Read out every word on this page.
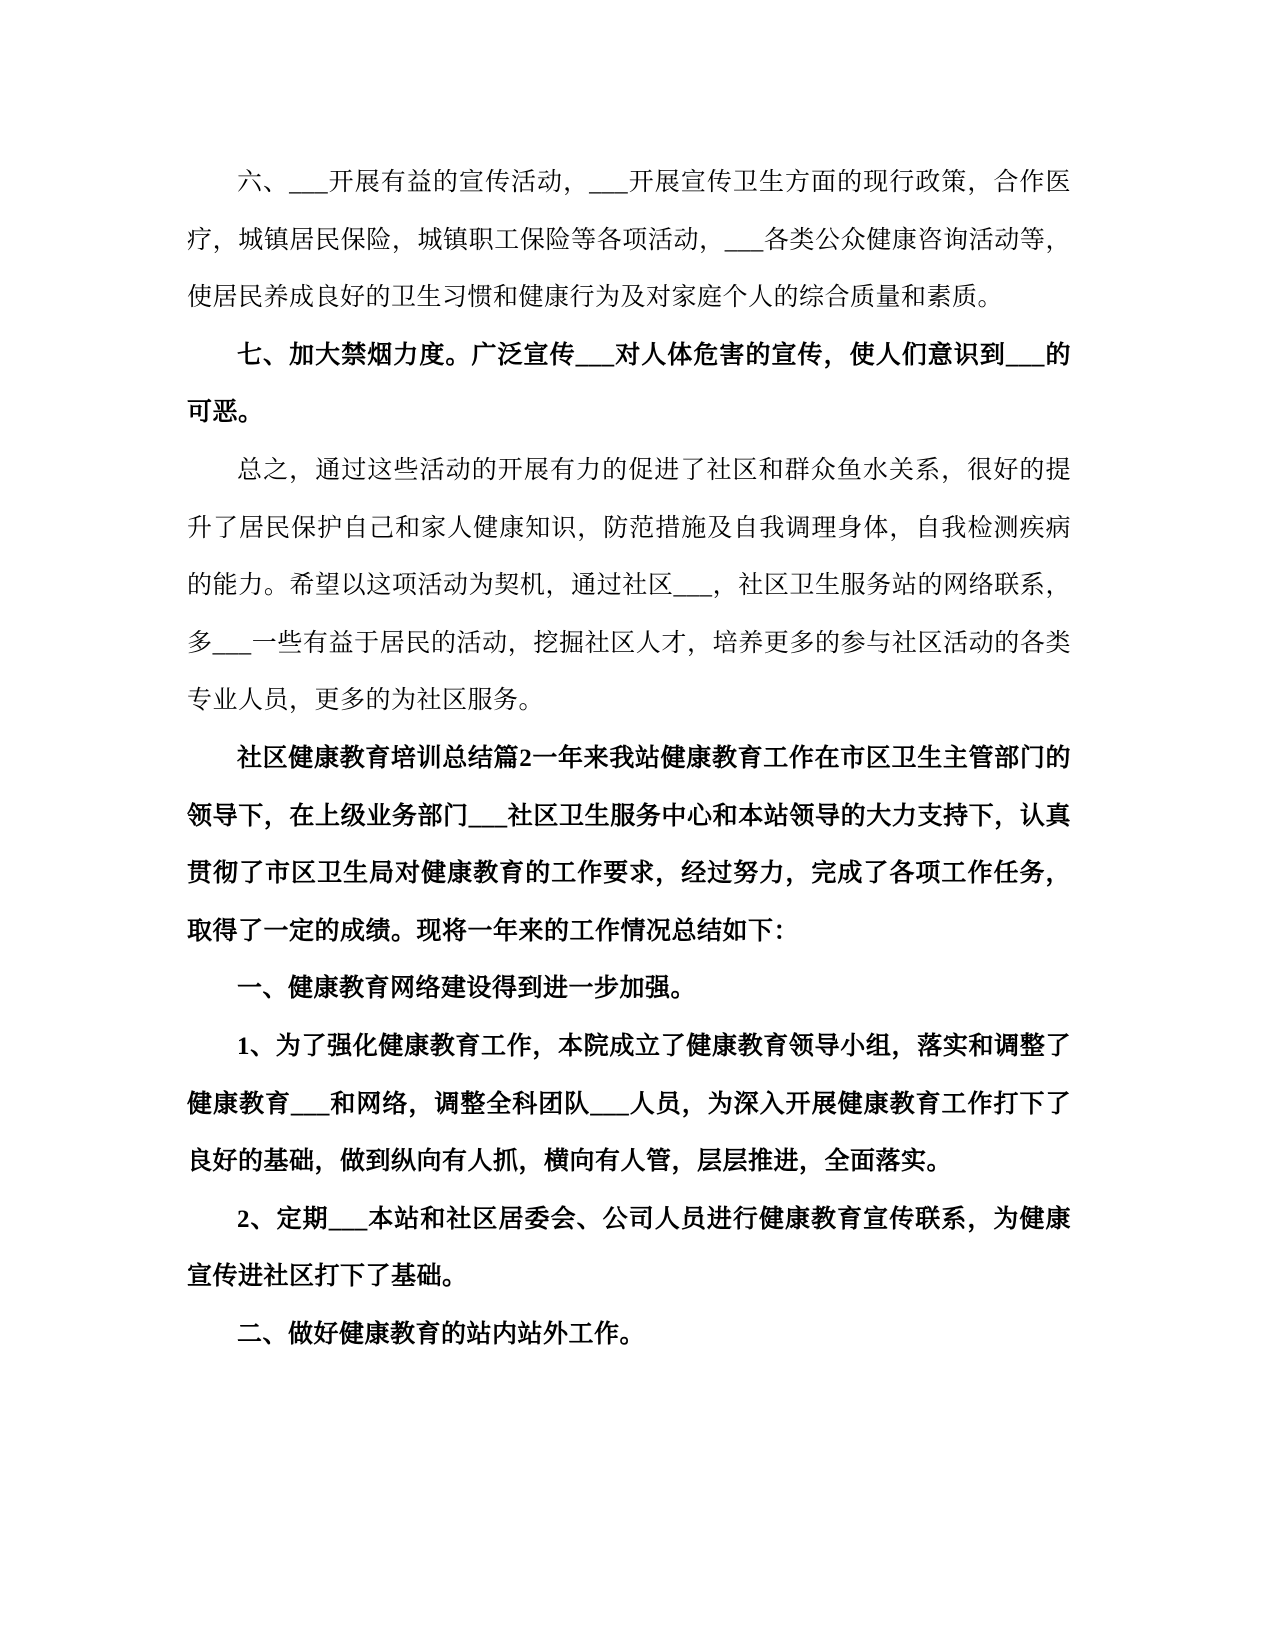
六、___开展有益的宣传活动，___开展宣传卫生方面的现行政策，合作医疗，城镇居民保险，城镇职工保险等各项活动，___各类公众健康咨询活动等，使居民养成良好的卫生习惯和健康行为及对家庭个人的综合质量和素质。

七、加大禁烟力度。广泛宣传___对人体危害的宣传，使人们意识到___的可恶。

总之，通过这些活动的开展有力的促进了社区和群众鱼水关系，很好的提升了居民保护自己和家人健康知识，防范措施及自我调理身体，自我检测疾病的能力。希望以这项活动为契机，通过社区___，社区卫生服务站的网络联系，多___一些有益于居民的活动，挖掘社区人才，培养更多的参与社区活动的各类专业人员，更多的为社区服务。

社区健康教育培训总结篇2一年来我站健康教育工作在市区卫生主管部门的领导下，在上级业务部门___社区卫生服务中心和本站领导的大力支持下，认真贯彻了市区卫生局对健康教育的工作要求，经过努力，完成了各项工作任务，取得了一定的成绩。现将一年来的工作情况总结如下：

一、健康教育网络建设得到进一步加强。

1、为了强化健康教育工作，本院成立了健康教育领导小组，落实和调整了健康教育___和网络，调整全科团队___人员，为深入开展健康教育工作打下了良好的基础，做到纵向有人抓，横向有人管，层层推进，全面落实。

2、定期___本站和社区居委会、公司人员进行健康教育宣传联系，为健康宣传进社区打下了基础。

二、做好健康教育的站内站外工作。
